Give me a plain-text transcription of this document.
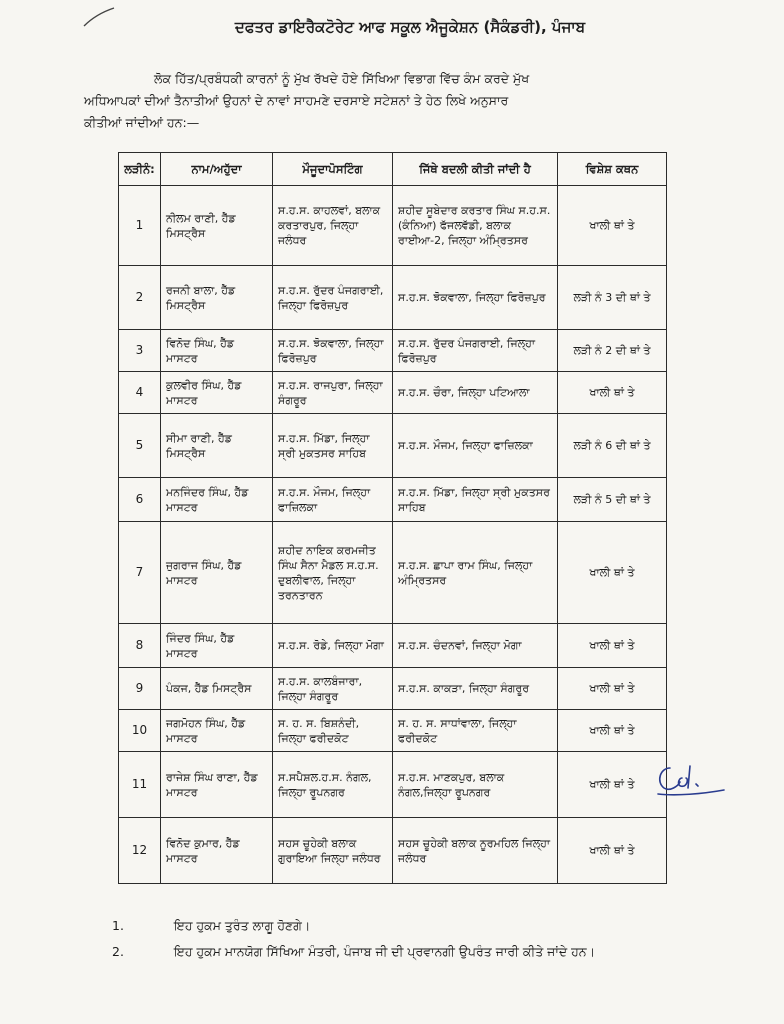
ਦਫਤਰ ਡਾਇਰੈਕਟੋਰੇਟ ਆਫ ਸਕੂਲ ਐਜੂਕੇਸ਼ਨ (ਸੈਕੰਡਰੀ), ਪੰਜਾਬ

ਲੋਕ ਹਿੱਤ/ਪ੍ਰਬੰਧਕੀ ਕਾਰਨਾਂ ਨੂੰ ਮੁੱਖ ਰੱਖਦੇ ਹੋਏ ਸਿੱਖਿਆ ਵਿਭਾਗ ਵਿੱਚ ਕੰਮ ਕਰਦੇ ਮੁੱਖ

ਅਧਿਆਪਕਾਂ ਦੀਆਂ ਤੈਨਾਤੀਆਂ ਉਹਨਾਂ ਦੇ ਨਾਵਾਂ ਸਾਹਮਣੇ ਦਰਸਾਏ ਸਟੇਸ਼ਨਾਂ ਤੇ ਹੇਠ ਲਿਖੇ ਅਨੁਸਾਰ

ਕੀਤੀਆਂ ਜਾਂਦੀਆਂ ਹਨ:—

ਲੜੀਨੰ:	ਨਾਮ/ਅਹੁੱਦਾ	ਮੌਜੂਦਾਪੋਸਟਿੰਗ	ਜਿੱਥੇ ਬਦਲੀ ਕੀਤੀ ਜਾਂਦੀ ਹੈ	ਵਿਸ਼ੇਸ਼ ਕਥਨ
1	ਨੀਲਮ ਰਾਣੀ, ਹੈੱਡ ਮਿਸਟ੍ਰੈਸ	ਸ.ਹ.ਸ. ਕਾਹਲਵਾਂ, ਬਲਾਕ ਕਰਤਾਰਪੁਰ, ਜਿਲ੍ਹਾ ਜਲੰਧਰ	ਸ਼ਹੀਦ ਸੂਬੇਦਾਰ ਕਰਤਾਰ ਸਿੰਘ ਸ.ਹ.ਸ. (ਕੰਨਿਆ) ਫੱਜਲਵੱਡੀ, ਬਲਾਕ ਰਾਈਆ-2, ਜਿਲ੍ਹਾ ਅੰਮ੍ਰਿਤਸਰ	ਖਾਲੀ ਥਾਂ ਤੇ
2	ਰਜਨੀ ਬਾਲਾ, ਹੈੱਡ ਮਿਸਟ੍ਰੈਸ	ਸ.ਹ.ਸ. ਰੁੱਦਰ ਪੰਜਗਰਾਈ, ਜਿਲ੍ਹਾ ਫਿਰੋਜ਼ਪੁਰ	ਸ.ਹ.ਸ. ਝੋਕਵਾਲਾ, ਜਿਲ੍ਹਾ ਫਿਰੋਜ਼ਪੁਰ	ਲੜੀ ਨੰ 3 ਦੀ ਥਾਂ ਤੇ
3	ਵਿਨੋਦ ਸਿੰਘ, ਹੈੱਡ ਮਾਸਟਰ	ਸ.ਹ.ਸ. ਝੋਕਵਾਲਾ, ਜਿਲ੍ਹਾ ਫਿਰੋਜ਼ਪੁਰ	ਸ.ਹ.ਸ. ਰੁੱਦਰ ਪੰਜਗਰਾਈ, ਜਿਲ੍ਹਾ ਫਿਰੋਜ਼ਪੁਰ	ਲੜੀ ਨੰ 2 ਦੀ ਥਾਂ ਤੇ
4	ਕੁਲਵੀਰ ਸਿੰਘ, ਹੈੱਡ ਮਾਸਟਰ	ਸ.ਹ.ਸ. ਰਾਜਪੁਰਾ, ਜਿਲ੍ਹਾ ਸੰਗਰੂਰ	ਸ.ਹ.ਸ. ਚੌਰਾ, ਜਿਲ੍ਹਾ ਪਟਿਆਲਾ	ਖਾਲੀ ਥਾਂ ਤੇ
5	ਸੀਮਾ ਰਾਣੀ, ਹੈੱਡ ਮਿਸਟ੍ਰੈਸ	ਸ.ਹ.ਸ. ਮਿੱਡਾ, ਜਿਲ੍ਹਾ ਸ੍ਰੀ ਮੁਕਤਸਰ ਸਾਹਿਬ	ਸ.ਹ.ਸ. ਮੌਜਮ, ਜਿਲ੍ਹਾ ਫਾਜ਼ਿਲਕਾ	ਲੜੀ ਨੰ 6 ਦੀ ਥਾਂ ਤੇ
6	ਮਨਜਿੰਦਰ ਸਿੰਘ, ਹੈੱਡ ਮਾਸਟਰ	ਸ.ਹ.ਸ. ਮੌਜਮ, ਜਿਲ੍ਹਾ ਫਾਜ਼ਿਲਕਾ	ਸ.ਹ.ਸ. ਮਿੱਡਾ, ਜਿਲ੍ਹਾ ਸ੍ਰੀ ਮੁਕਤਸਰ ਸਾਹਿਬ	ਲੜੀ ਨੰ 5 ਦੀ ਥਾਂ ਤੇ
7	ਜੁਗਰਾਜ ਸਿੰਘ, ਹੈੱਡ ਮਾਸਟਰ	ਸ਼ਹੀਦ ਨਾਇਕ ਕਰਮਜੀਤ ਸਿੰਘ ਸੈਨਾ ਮੈਡਲ ਸ.ਹ.ਸ. ਦੁਬਲੀਵਾਲ, ਜਿਲ੍ਹਾ ਤਰਨਤਾਰਨ	ਸ.ਹ.ਸ. ਛਾਪਾ ਰਾਮ ਸਿੰਘ, ਜਿਲ੍ਹਾ ਅੰਮ੍ਰਿਤਸਰ	ਖਾਲੀ ਥਾਂ ਤੇ
8	ਜਿੰਦਰ ਸਿੰਘ, ਹੈੱਡ ਮਾਸਟਰ	ਸ.ਹ.ਸ. ਰੋਡੇ, ਜਿਲ੍ਹਾ ਮੋਗਾ	ਸ.ਹ.ਸ. ਚੰਦਨਵਾਂ, ਜਿਲ੍ਹਾ ਮੋਗਾ	ਖਾਲੀ ਥਾਂ ਤੇ
9	ਪੰਕਜ, ਹੈੱਡ ਮਿਸਟ੍ਰੈਸ	ਸ.ਹ.ਸ. ਕਾਲਬੰਜਾਰਾ, ਜਿਲ੍ਹਾ ਸੰਗਰੂਰ	ਸ.ਹ.ਸ. ਕਾਕੜਾ, ਜਿਲ੍ਹਾ ਸੰਗਰੂਰ	ਖਾਲੀ ਥਾਂ ਤੇ
10	ਜਗਮੋਹਨ ਸਿੰਘ, ਹੈੱਡ ਮਾਸਟਰ	ਸ. ਹ. ਸ. ਬਿਸ਼ਨੰਦੀ, ਜਿਲ੍ਹਾ ਫਰੀਦਕੋਟ	ਸ. ਹ. ਸ. ਸਾਧਾਂਵਾਲਾ, ਜਿਲ੍ਹਾ ਫਰੀਦਕੋਟ	ਖਾਲੀ ਥਾਂ ਤੇ
11	ਰਾਜੇਸ਼ ਸਿੰਘ ਰਾਣਾ, ਹੈੱਡ ਮਾਸਟਰ	ਸ.ਸਪੈਸ਼ਲ.ਹ.ਸ. ਨੰਗਲ, ਜਿਲ੍ਹਾ ਰੂਪਨਗਰ	ਸ.ਹ.ਸ. ਮਾਣਕਪੁਰ, ਬਲਾਕ ਨੰਗਲ,ਜਿਲ੍ਹਾ ਰੂਪਨਗਰ	ਖਾਲੀ ਥਾਂ ਤੇ
12	ਵਿਨੋਦ ਕੁਮਾਰ, ਹੈੱਡ ਮਾਸਟਰ	ਸਹਸ ਚੂਹੇਕੀ ਬਲਾਕ ਗੁਰਾਇਆ ਜਿਲ੍ਹਾ ਜਲੰਧਰ	ਸਹਸ ਚੂਹੇਕੀ ਬਲਾਕ ਨੂਰਮਹਿਲ ਜਿਲ੍ਹਾ ਜਲੰਧਰ	ਖਾਲੀ ਥਾਂ ਤੇ
1.	ਇਹ ਹੁਕਮ ਤੁਰੰਤ ਲਾਗੂ ਹੋਣਗੇ।
2.	ਇਹ ਹੁਕਮ ਮਾਨਯੋਗ ਸਿੱਖਿਆ ਮੰਤਰੀ, ਪੰਜਾਬ ਜੀ ਦੀ ਪ੍ਰਵਾਨਗੀ ਉਪਰੰਤ ਜਾਰੀ ਕੀਤੇ ਜਾਂਦੇ ਹਨ।
